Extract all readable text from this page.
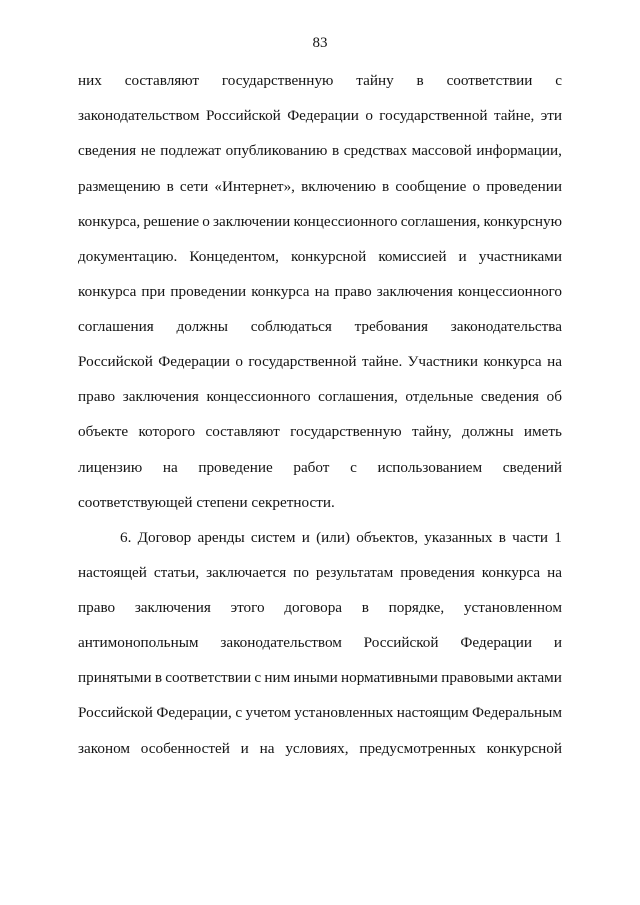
83
них составляют государственную тайну в соответствии с
законодательством Российской Федерации о государственной тайне, эти
сведения не подлежат опубликованию в средствах массовой информации,
размещению в сети «Интернет», включению в сообщение о проведении
конкурса, решение о заключении концессионного соглашения, конкурсную
документацию. Концедентом, конкурсной комиссией и участниками
конкурса при проведении конкурса на право заключения концессионного
соглашения должны соблюдаться требования законодательства
Российской Федерации о государственной тайне. Участники конкурса на
право заключения концессионного соглашения, отдельные сведения об
объекте которого составляют государственную тайну, должны иметь
лицензию на проведение работ с использованием сведений
соответствующей степени секретности.
6. Договор аренды систем и (или) объектов, указанных в части 1
настоящей статьи, заключается по результатам проведения конкурса на
право заключения этого договора в порядке, установленном
антимонопольным законодательством Российской Федерации и
принятыми в соответствии с ним иными нормативными правовыми актами
Российской Федерации, с учетом установленных настоящим Федеральным
законом особенностей и на условиях, предусмотренных конкурсной
